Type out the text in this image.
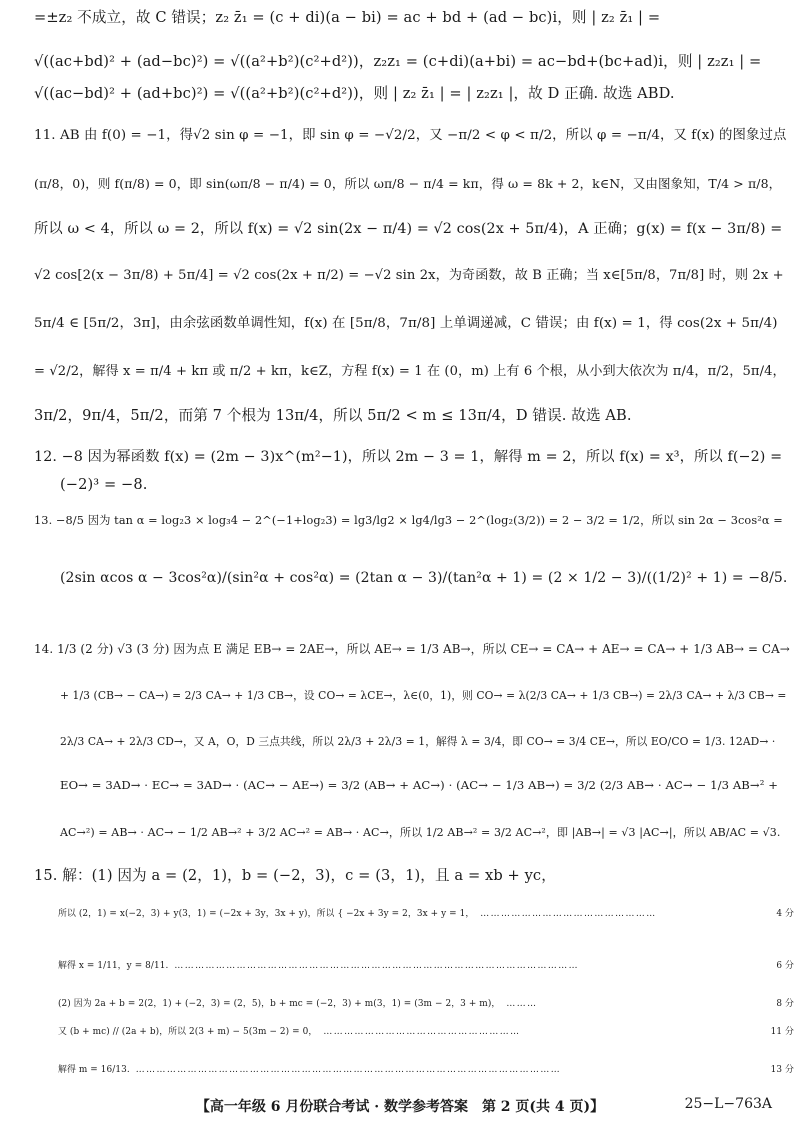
=±z₂ 不成立，故 C 错误；z₂ z̄₁ = (c + di)(a − bi) = ac + bd + (ad − bc)i，则 | z₂ z̄₁ | =
√((ac+bd)² + (ad−bc)²) = √((a²+b²)(c²+d²))，z₂z₁ = (c+di)(a+bi) = ac−bd+(bc+ad)i，则 | z₂z₁ | =
√((ac−bd)² + (ad+bc)²) = √((a²+b²)(c²+d²))，则 | z₂ z̄₁ | = | z₂z₁ |，故 D 正确. 故选 ABD.
11. AB 由 f(0) = −1，得√2 sin φ = −1，即 sin φ = −√2/2，又 −π/2 < φ < π/2，所以 φ = −π/4，又 f(x) 的图象过点
(π/8，0)，则 f(π/8) = 0，即 sin(ωπ/8 − π/4) = 0，所以 ωπ/8 − π/4 = kπ，得 ω = 8k + 2，k∈N，又由图象知，T/4 > π/8，
所以 ω < 4，所以 ω = 2，所以 f(x) = √2 sin(2x − π/4) = √2 cos(2x + 5π/4)，A 正确；g(x) = f(x − 3π/8) =
√2 cos[2(x − 3π/8) + 5π/4] = √2 cos(2x + π/2) = −√2 sin 2x，为奇函数，故 B 正确；当 x∈[5π/8，7π/8] 时，则 2x +
5π/4 ∈ [5π/2，3π]，由余弦函数单调性知，f(x) 在 [5π/8，7π/8] 上单调递减，C 错误；由 f(x) = 1，得 cos(2x + 5π/4)
= √2/2，解得 x = π/4 + kπ 或 π/2 + kπ，k∈Z，方程 f(x) = 1 在 (0，m) 上有 6 个根，从小到大依次为 π/4，π/2，5π/4，
3π/2，9π/4，5π/2，而第 7 个根为 13π/4，所以 5π/2 < m ≤ 13π/4，D 错误. 故选 AB.
12. −8 因为幂函数 f(x) = (2m − 3)x^(m²−1)，所以 2m − 3 = 1，解得 m = 2，所以 f(x) = x³，所以 f(−2) =
(−2)³ = −8.
13. −8/5 因为 tan α = log₂3 × log₃4 − 2^(−1+log₂3) = lg3/lg2 × lg4/lg3 − 2^(log₂(3/2)) = 2 − 3/2 = 1/2，所以 sin 2α − 3cos²α =
(2sin αcos α − 3cos²α)/(sin²α + cos²α) = (2tan α − 3)/(tan²α + 1) = (2 × 1/2 − 3)/((1/2)² + 1) = −8/5.
14. 1/3 (2 分) √3 (3 分) 因为点 E 满足 EB→ = 2AE→，所以 AE→ = 1/3 AB→，所以 CE→ = CA→ + AE→ = CA→ + 1/3 AB→ = CA→
+ 1/3 (CB→ − CA→) = 2/3 CA→ + 1/3 CB→，设 CO→ = λCE→，λ∈(0，1)，则 CO→ = λ(2/3 CA→ + 1/3 CB→) = 2λ/3 CA→ + λ/3 CB→ =
2λ/3 CA→ + 2λ/3 CD→，又 A，O，D 三点共线，所以 2λ/3 + 2λ/3 = 1，解得 λ = 3/4，即 CO→ = 3/4 CE→，所以 EO/CO = 1/3. 12AD→ ·
EO→ = 3AD→ · EC→ = 3AD→ · (AC→ − AE→) = 3/2 (AB→ + AC→) · (AC→ − 1/3 AB→) = 3/2 (2/3 AB→ · AC→ − 1/3 AB→² +
AC→²) = AB→ · AC→ − 1/2 AB→² + 3/2 AC→² = AB→ · AC→，所以 1/2 AB→² = 3/2 AC→²，即 |AB→| = √3 |AC→|，所以 AB/AC = √3.
15. 解：(1) 因为 a = (2，1)，b = (−2，3)，c = (3，1)，且 a = xb + yc，
所以 (2，1) = x(−2，3) + y(3，1) = (−2x + 3y，3x + y)，所以 { −2x + 3y = 2，3x + y = 1， ……………………………………………	4 分
解得 x = 1/11，y = 8/11. ………………………………………………………………………………………………………	6 分
(2) 因为 2a + b = 2(2，1) + (−2，3) = (2，5)，b + mc = (−2，3) + m(3，1) = (3m − 2，3 + m)， ………	8 分
又 (b + mc) // (2a + b)，所以 2(3 + m) − 5(3m − 2) = 0， …………………………………………………	11 分
解得 m = 16/13. ……………………………………………………………………………………………………………	13 分
【高一年级 6 月份联合考试 · 数学参考答案　第 2 页(共 4 页)】	25−L−763A
